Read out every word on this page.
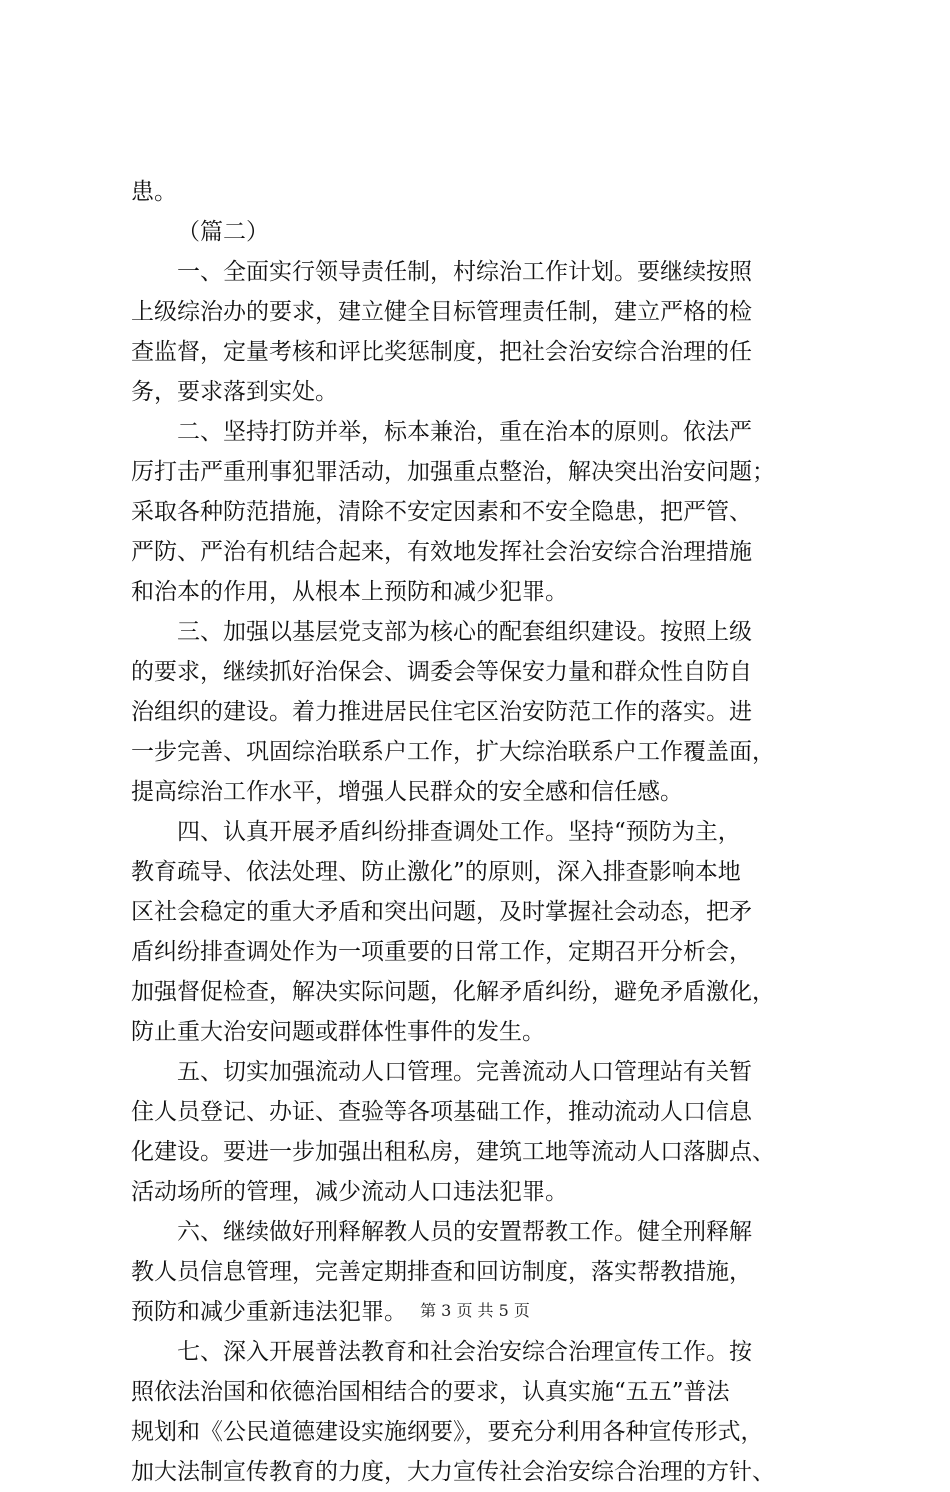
患。
（篇二）
一、全面实行领导责任制，村综治工作计划。要继续按照
上级综治办的要求，建立健全目标管理责任制，建立严格的检
查监督，定量考核和评比奖惩制度，把社会治安综合治理的任
务，要求落到实处。
二、坚持打防并举，标本兼治，重在治本的原则。依法严
厉打击严重刑事犯罪活动，加强重点整治，解决突出治安问题；
采取各种防范措施，清除不安定因素和不安全隐患，把严管、
严防、严治有机结合起来，有效地发挥社会治安综合治理措施
和治本的作用，从根本上预防和减少犯罪。
三、加强以基层党支部为核心的配套组织建设。按照上级
的要求，继续抓好治保会、调委会等保安力量和群众性自防自
治组织的建设。着力推进居民住宅区治安防范工作的落实。进
一步完善、巩固综治联系户工作，扩大综治联系户工作覆盖面，
提高综治工作水平，增强人民群众的安全感和信任感。
四、认真开展矛盾纠纷排查调处工作。坚持“预防为主，
教育疏导、依法处理、防止激化”的原则，深入排查影响本地
区社会稳定的重大矛盾和突出问题，及时掌握社会动态，把矛
盾纠纷排查调处作为一项重要的日常工作，定期召开分析会，
加强督促检查，解决实际问题，化解矛盾纠纷，避免矛盾激化，
防止重大治安问题或群体性事件的发生。
五、切实加强流动人口管理。完善流动人口管理站有关暂
住人员登记、办证、查验等各项基础工作，推动流动人口信息
化建设。要进一步加强出租私房，建筑工地等流动人口落脚点、
活动场所的管理，减少流动人口违法犯罪。
六、继续做好刑释解教人员的安置帮教工作。健全刑释解
教人员信息管理，完善定期排查和回访制度，落实帮教措施，
预防和减少重新违法犯罪。
七、深入开展普法教育和社会治安综合治理宣传工作。按
照依法治国和依德治国相结合的要求，认真实施“五五”普法
规划和《公民道德建设实施纲要》，要充分利用各种宣传形式，
加大法制宣传教育的力度，大力宣传社会治安综合治理的方针、
第 3 页 共 5 页
